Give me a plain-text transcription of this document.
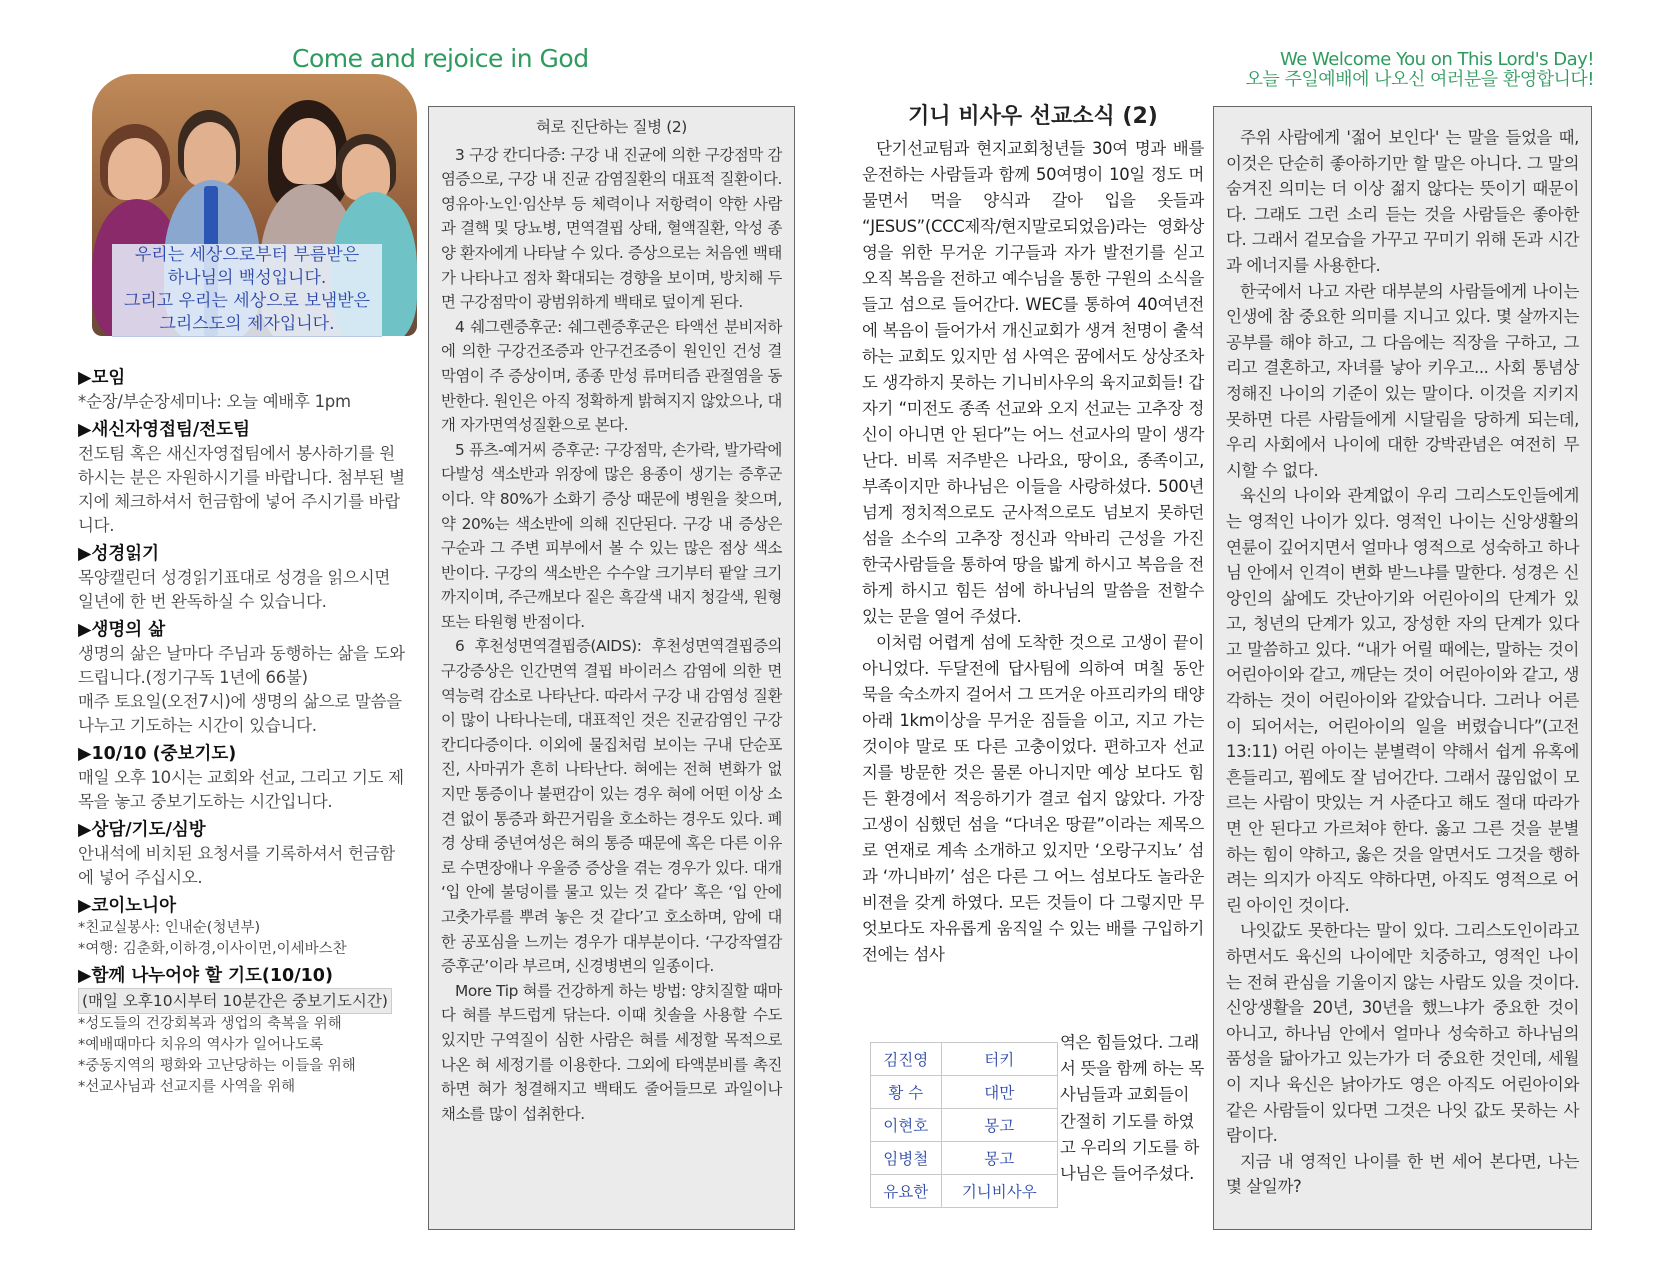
Come and rejoice in God	We Welcome You on This Lord's Day!
오늘 주일예배에 나오신 여러분을 환영합니다!
우리는 세상으로부터 부름받은
하나님의 백성입니다.
그리고 우리는 세상으로 보냄받은
그리스도의 제자입니다.
▶모임
*순장/부순장세미나: 오늘 예배후 1pm
▶새신자영접팀/전도팀
전도팀 혹은 새신자영접팀에서 봉사하기를 원하시는 분은 자원하시기를 바랍니다. 첨부된 별지에 체크하셔서 헌금함에 넣어 주시기를 바랍니다.
▶성경읽기
목양캘린더 성경읽기표대로 성경을 읽으시면 일년에 한 번 완독하실 수 있습니다.
▶생명의 삶
생명의 삶은 날마다 주님과 동행하는 삶을 도와드립니다.(정기구독 1년에 66불)
매주 토요일(오전7시)에 생명의 삶으로 말씀을 나누고 기도하는 시간이 있습니다.
▶10/10 (중보기도)
매일 오후 10시는 교회와 선교, 그리고 기도 제목을 놓고 중보기도하는 시간입니다.
▶상담/기도/심방
안내석에 비치된 요청서를 기록하셔서 헌금함에 넣어 주십시오.
▶코이노니아
*친교실봉사: 인내순(청년부)
*여행: 김춘화,이하경,이사이먼,이세바스찬
▶함께 나누어야 할 기도(10/10)
(매일 오후10시부터 10분간은 중보기도시간)
*성도들의 건강회복과 생업의 축복을 위해
*예배때마다 치유의 역사가 일어나도록
*중동지역의 평화와 고난당하는 이들을 위해
*선교사님과 선교지를 사역을 위해
혀로 진단하는 질병 (2)

3 구강 칸디다증: 구강 내 진균에 의한 구강점막 감염증으로, 구강 내 진균 감염질환의 대표적 질환이다. 영유아·노인·임산부 등 체력이나 저항력이 약한 사람과 결핵 및 당뇨병, 면역결핍 상태, 혈액질환, 악성 종양 환자에게 나타날 수 있다. 증상으로는 처음엔 백태가 나타나고 점차 확대되는 경향을 보이며, 방치해 두면 구강점막이 광범위하게 백태로 덮이게 된다.

4 쉐그렌증후군: 쉐그렌증후군은 타액선 분비저하에 의한 구강건조증과 안구건조증이 원인인 건성 결막염이 주 증상이며, 종종 만성 류머티즘 관절염을 동반한다. 원인은 아직 정확하게 밝혀지지 않았으나, 대개 자가면역성질환으로 본다.

5 퓨츠-예거씨 증후군: 구강점막, 손가락, 발가락에 다발성 색소반과 위장에 많은 용종이 생기는 증후군이다. 약 80%가 소화기 증상 때문에 병원을 찾으며, 약 20%는 색소반에 의해 진단된다. 구강 내 증상은 구순과 그 주변 피부에서 볼 수 있는 많은 점상 색소반이다. 구강의 색소반은 수수알 크기부터 팥알 크기까지이며, 주근깨보다 짙은 흑갈색 내지 청갈색, 원형 또는 타원형 반점이다.

6 후천성면역결핍증(AIDS): 후천성면역결핍증의 구강증상은 인간면역 결핍 바이러스 감염에 의한 면역능력 감소로 나타난다. 따라서 구강 내 감염성 질환이 많이 나타나는데, 대표적인 것은 진균감염인 구강 칸디다증이다. 이외에 물집처럼 보이는 구내 단순포진, 사마귀가 흔히 나타난다. 혀에는 전혀 변화가 없지만 통증이나 불편감이 있는 경우 혀에 어떤 이상 소견 없이 통증과 화끈거림을 호소하는 경우도 있다. 폐경 상태 중년여성은 혀의 통증 때문에 혹은 다른 이유로 수면장애나 우울증 증상을 겪는 경우가 있다. 대개 ‘입 안에 불덩이를 물고 있는 것 같다’ 혹은 ‘입 안에 고춧가루를 뿌려 놓은 것 같다’고 호소하며, 암에 대한 공포심을 느끼는 경우가 대부분이다. ‘구강작열감증후군’이라 부르며, 신경병변의 일종이다.

More Tip 혀를 건강하게 하는 방법: 양치질할 때마다 혀를 부드럽게 닦는다. 이때 칫솔을 사용할 수도 있지만 구역질이 심한 사람은 혀를 세정할 목적으로 나온 혀 세정기를 이용한다. 그외에 타액분비를 촉진하면 혀가 청결해지고 백태도 줄어들므로 과일이나 채소를 많이 섭취한다.

기니 비사우 선교소식 (2)

단기선교팀과 현지교회청년들 30여 명과 배를 운전하는 사람들과 함께 50여명이 10일 정도 머물면서 먹을 양식과 갈아 입을 옷들과 “JESUS”(CCC제작/현지말로되었음)라는 영화상영을 위한 무거운 기구들과 자가 발전기를 싣고 오직 복음을 전하고 예수님을 통한 구원의 소식을 들고 섬으로 들어간다. WEC를 통하여 40여년전에 복음이 들어가서 개신교회가 생겨 천명이 출석하는 교회도 있지만 섬 사역은 꿈에서도 상상조차도 생각하지 못하는 기니비사우의 육지교회들! 갑자기 “미전도 종족 선교와 오지 선교는 고추장 정신이 아니면 안 된다”는 어느 선교사의 말이 생각 난다. 비록 저주받은 나라요, 땅이요, 종족이고, 부족이지만 하나님은 이들을 사랑하셨다. 500년 넘게 정치적으로도 군사적으로도 넘보지 못하던 섬을 소수의 고추장 정신과 악바리 근성을 가진 한국사람들을 통하여 땅을 밟게 하시고 복음을 전하게 하시고 힘든 섬에 하나님의 말씀을 전할수 있는 문을 열어 주셨다.

이처럼 어렵게 섬에 도착한 것으로 고생이 끝이 아니었다. 두달전에 답사팀에 의하여 며칠 동안 묵을 숙소까지 걸어서 그 뜨거운 아프리카의 태양아래 1km이상을 무거운 짐들을 이고, 지고 가는 것이야 말로 또 다른 고충이었다. 편하고자 선교지를 방문한 것은 물론 아니지만 예상 보다도 힘든 환경에서 적응하기가 결코 쉽지 않았다. 가장 고생이 심했던 섬을 “다녀온 땅끝”이라는 제목으로 연재로 계속 소개하고 있지만 ‘오랑구지뇨’ 섬과 ‘까니바끼’ 섬은 다른 그 어느 섬보다도 놀라운 비젼을 갖게 하였다. 모든 것들이 다 그렇지만 무엇보다도 자유롭게 움직일 수 있는 배를 구입하기 전에는 섬사

김진영	터키
황 수	대만
이현호	몽고
임병철	몽고
유요한	기니비사우
역은 힘들었다. 그래서 뜻을 함께 하는 목사님들과 교회들이 간절히 기도를 하였고 우리의 기도를 하나님은 들어주셨다.

주위 사람에게 '젊어 보인다' 는 말을 들었을 때, 이것은 단순히 좋아하기만 할 말은 아니다. 그 말의 숨겨진 의미는 더 이상 젊지 않다는 뜻이기 때문이다. 그래도 그런 소리 듣는 것을 사람들은 좋아한다. 그래서 겉모습을 가꾸고 꾸미기 위해 돈과 시간과 에너지를 사용한다.

한국에서 나고 자란 대부분의 사람들에게 나이는 인생에 참 중요한 의미를 지니고 있다. 몇 살까지는 공부를 해야 하고, 그 다음에는 직장을 구하고, 그리고 결혼하고, 자녀를 낳아 키우고... 사회 통념상 정해진 나이의 기준이 있는 말이다. 이것을 지키지 못하면 다른 사람들에게 시달림을 당하게 되는데, 우리 사회에서 나이에 대한 강박관념은 여전히 무시할 수 없다.

육신의 나이와 관계없이 우리 그리스도인들에게는 영적인 나이가 있다. 영적인 나이는 신앙생활의 연륜이 깊어지면서 얼마나 영적으로 성숙하고 하나님 안에서 인격이 변화 받느냐를 말한다. 성경은 신앙인의 삶에도 갓난아기와 어린아이의 단계가 있고, 청년의 단계가 있고, 장성한 자의 단계가 있다고 말씀하고 있다. “내가 어릴 때에는, 말하는 것이 어린아이와 같고, 깨닫는 것이 어린아이와 같고, 생각하는 것이 어린아이와 같았습니다. 그러나 어른이 되어서는, 어린아이의 일을 버렸습니다”(고전13:11) 어린 아이는 분별력이 약해서 쉽게 유혹에 흔들리고, 꾐에도 잘 넘어간다. 그래서 끊임없이 모르는 사람이 맛있는 거 사준다고 해도 절대 따라가면 안 된다고 가르쳐야 한다. 옳고 그른 것을 분별하는 힘이 약하고, 옳은 것을 알면서도 그것을 행하려는 의지가 아직도 약하다면, 아직도 영적으로 어린 아이인 것이다.

나잇값도 못한다는 말이 있다. 그리스도인이라고 하면서도 육신의 나이에만 치중하고, 영적인 나이는 전혀 관심을 기울이지 않는 사람도 있을 것이다. 신앙생활을 20년, 30년을 했느냐가 중요한 것이 아니고, 하나님 안에서 얼마나 성숙하고 하나님의 품성을 닮아가고 있는가가 더 중요한 것인데, 세월이 지나 육신은 낡아가도 영은 아직도 어린아이와 같은 사람들이 있다면 그것은 나잇 값도 못하는 사람이다.

지금 내 영적인 나이를 한 번 세어 본다면, 나는 몇 살일까?
